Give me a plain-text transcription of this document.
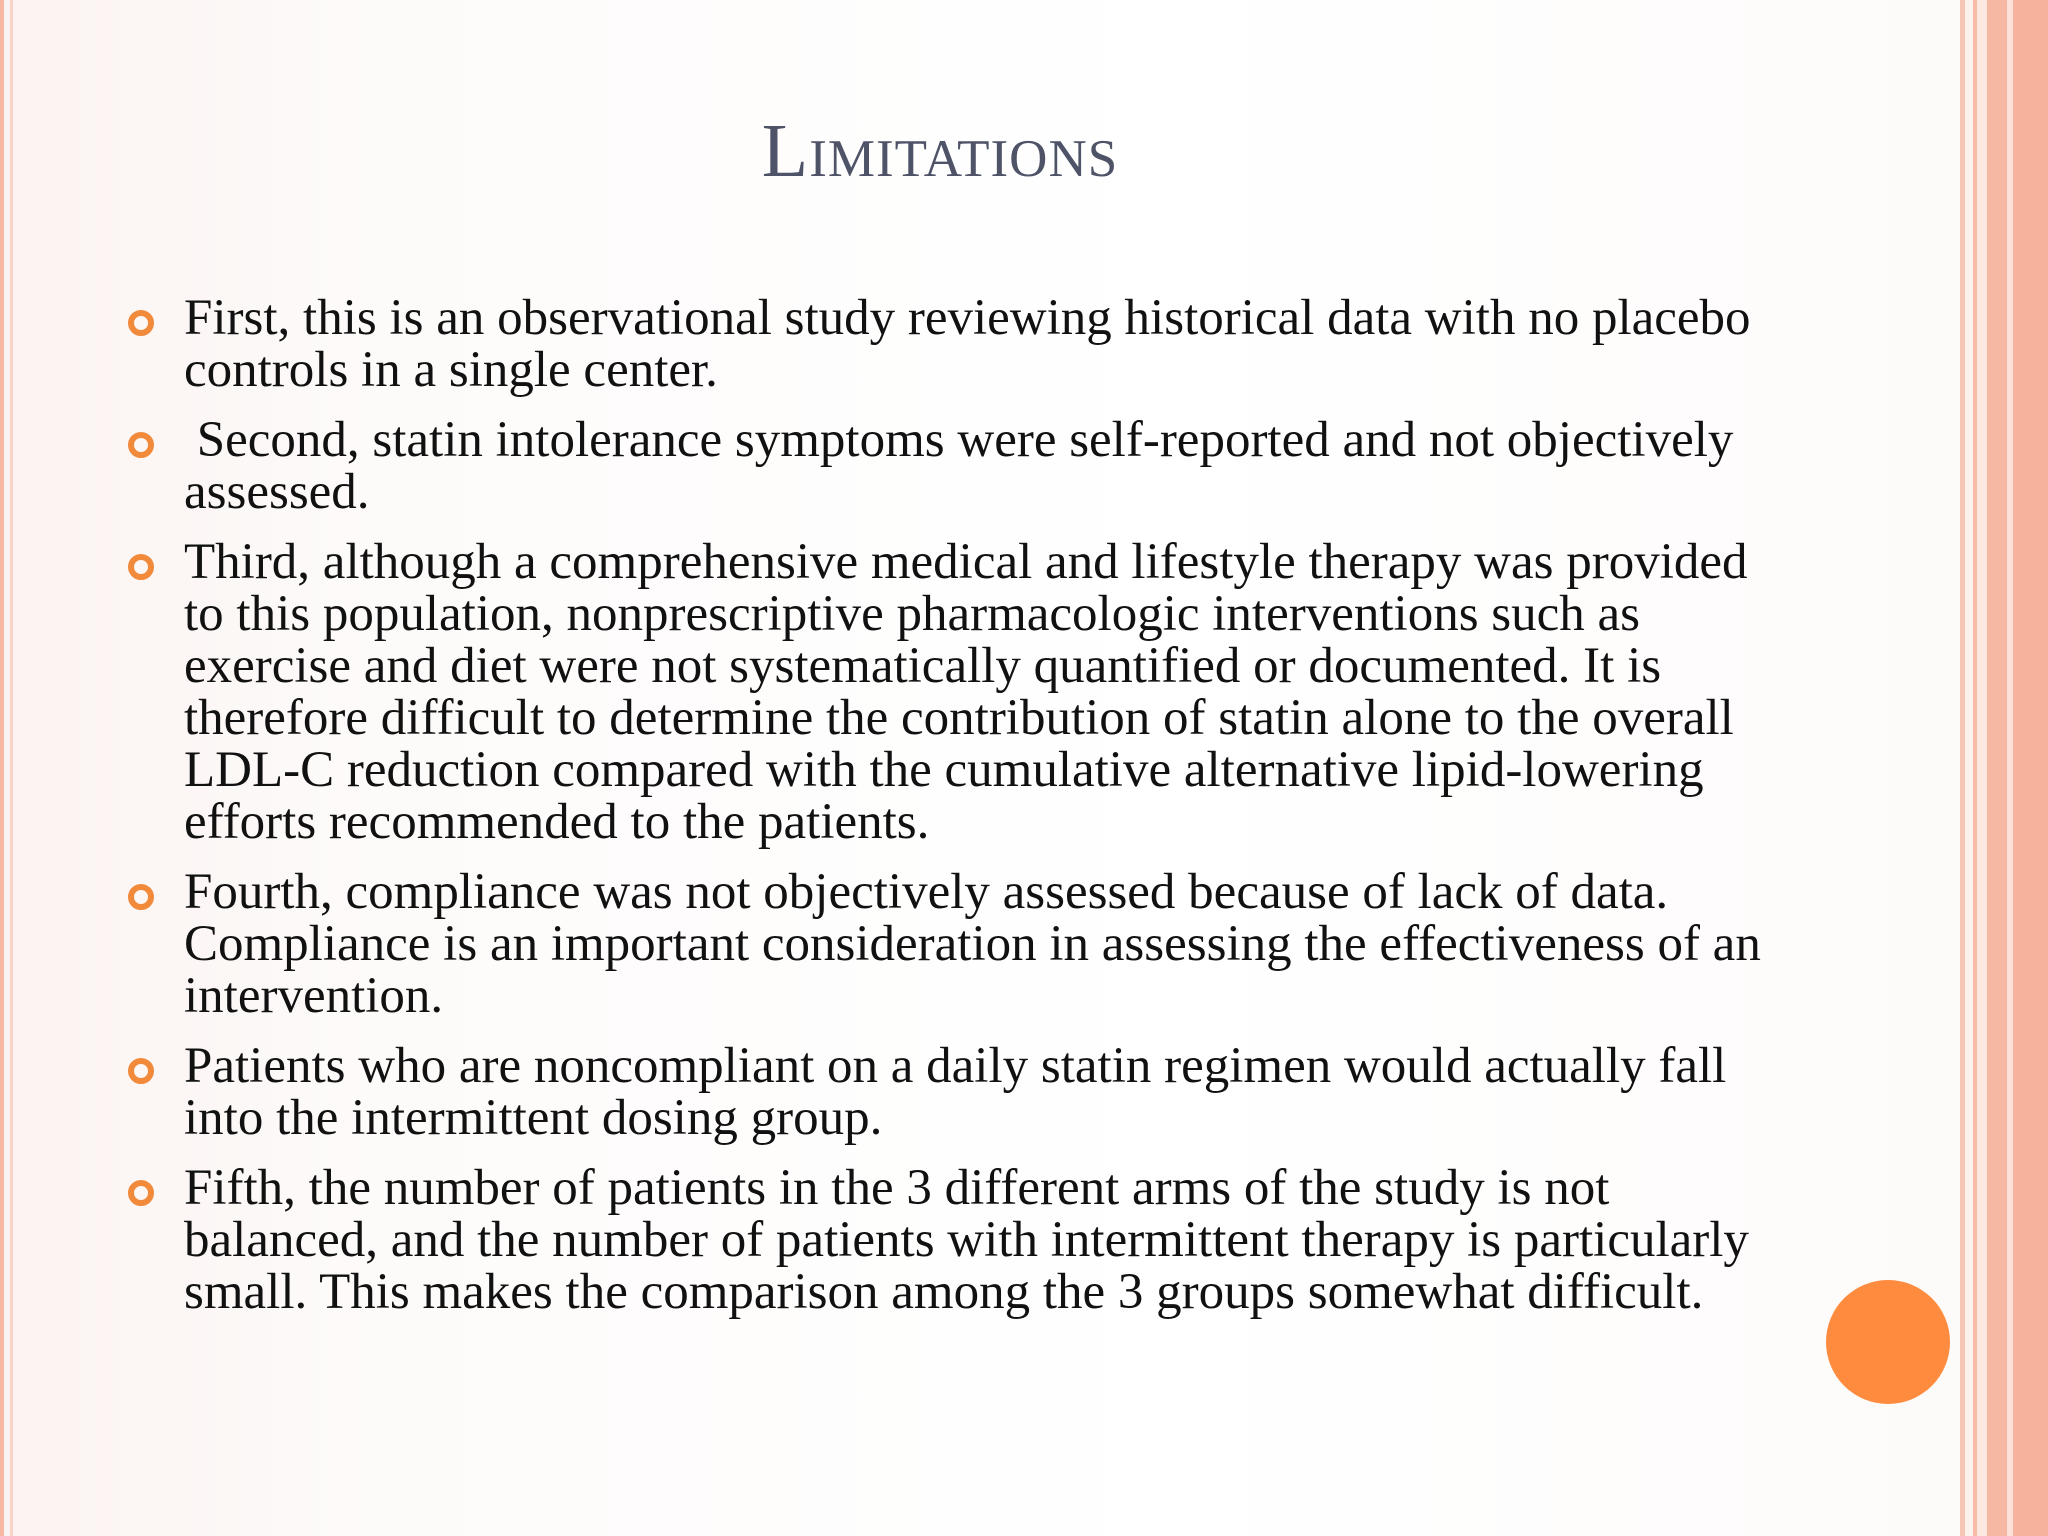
Limitations
First, this is an observational study reviewing historical data with no placebo controls in a single center.
Second, statin intolerance symptoms were self-reported and not objectively assessed.
Third, although a comprehensive medical and lifestyle therapy was provided to this population, nonprescriptive pharmacologic interventions such as exercise and diet were not systematically quantified or documented. It is therefore difficult to determine the contribution of statin alone to the overall LDL-C reduction compared with the cumulative alternative lipid-lowering efforts recommended to the patients.
Fourth, compliance was not objectively assessed because of lack of data. Compliance is an important consideration in assessing the effectiveness of an intervention.
Patients who are noncompliant on a daily statin regimen would actually fall into the intermittent dosing group.
Fifth, the number of patients in the 3 different arms of the study is not balanced, and the number of patients with intermittent therapy is particularly small. This makes the comparison among the 3 groups somewhat difficult.
